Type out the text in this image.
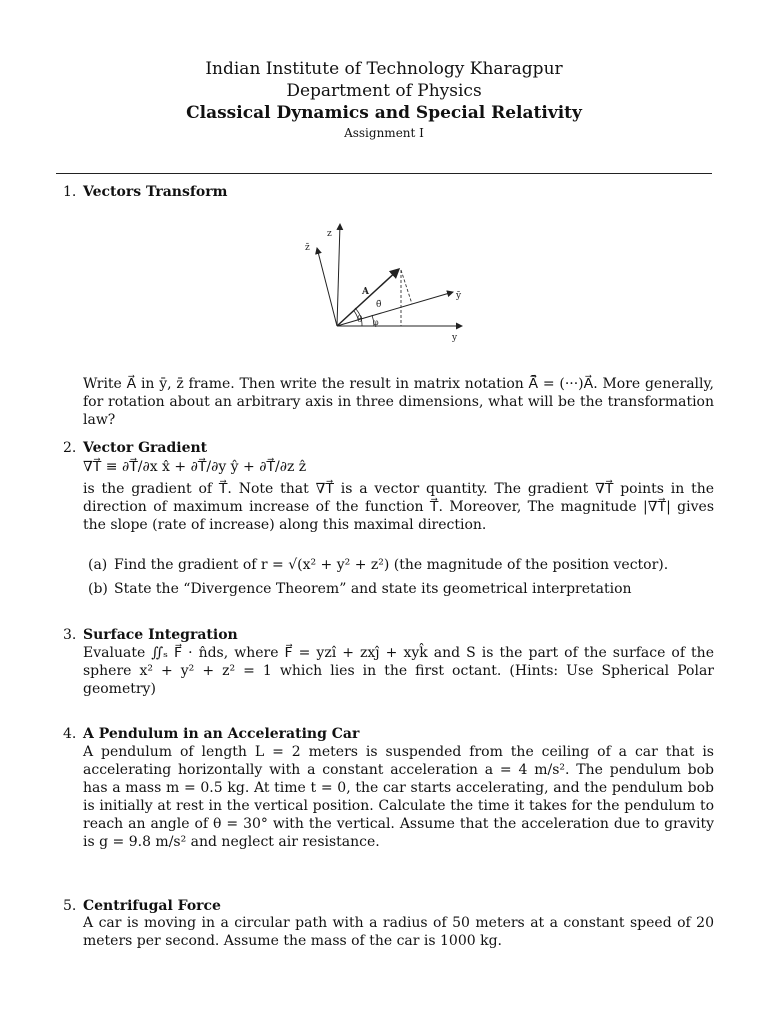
Indian Institute of Technology Kharagpur
Department of Physics
Classical Dynamics and Special Relativity
Assignment I
1. Vectors Transform
z
z̄
y
ȳ
A
θ
θ̄
φ
Write A⃗ in ȳ, z̄ frame. Then write the result in matrix notation A⃗̄ = (···)A⃗. More generally, for rotation about an arbitrary axis in three dimensions, what will be the transformation law?
2. Vector Gradient
∇T⃗ ≡ ∂T⃗/∂x x̂ + ∂T⃗/∂y ŷ + ∂T⃗/∂z ẑ
is the gradient of T⃗. Note that ∇T⃗ is a vector quantity. The gradient ∇T⃗ points in the direction of maximum increase of the function T⃗. Moreover, The magnitude |∇T⃗| gives the slope (rate of increase) along this maximal direction.
(a) Find the gradient of r = √(x² + y² + z²) (the magnitude of the position vector).
(b) State the “Divergence Theorem” and state its geometrical interpretation
3. Surface Integration
Evaluate ∬ₛ F⃗ · n̂ds, where F⃗ = yzî + zxĵ + xyk̂ and S is the part of the surface of the sphere x² + y² + z² = 1 which lies in the first octant. (Hints: Use Spherical Polar geometry)
4. A Pendulum in an Accelerating Car
A pendulum of length L = 2 meters is suspended from the ceiling of a car that is accelerating horizontally with a constant acceleration a = 4 m/s². The pendulum bob has a mass m = 0.5 kg. At time t = 0, the car starts accelerating, and the pendulum bob is initially at rest in the vertical position. Calculate the time it takes for the pendulum to reach an angle of θ = 30° with the vertical. Assume that the acceleration due to gravity is g = 9.8 m/s² and neglect air resistance.
5. Centrifugal Force
A car is moving in a circular path with a radius of 50 meters at a constant speed of 20 meters per second. Assume the mass of the car is 1000 kg.
